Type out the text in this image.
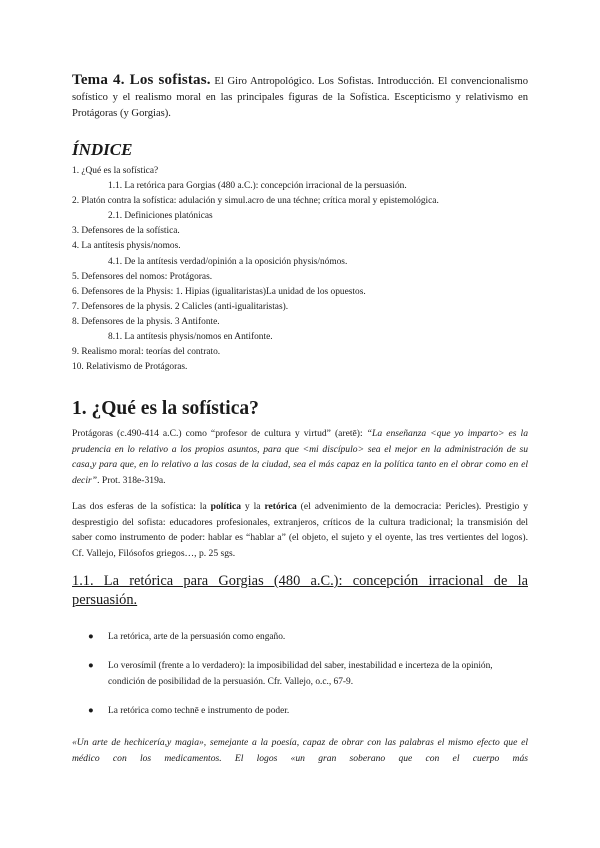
Tema 4. Los sofistas. El Giro Antropológico. Los Sofistas. Introducción. El convencionalismo sofístico y el realismo moral en las principales figuras de la Sofística. Escepticismo y relativismo en Protágoras (y Gorgias).
ÍNDICE
1. ¿Qué es la sofística?
1.1. La retórica para Gorgias (480 a.C.): concepción irracional de la persuasión.
2. Platón contra la sofística: adulación y simul.acro de una téchne; crítica moral y epistemológica.
2.1. Definiciones platónicas
3. Defensores de la sofística.
4. La antítesis physis/nomos.
4.1. De la antítesis verdad/opinión a la oposición physis/nómos.
5. Defensores del nomos: Protágoras.
6. Defensores de la Physis: 1. Hipias (igualitaristas)La unidad de los opuestos.
7. Defensores de la physis. 2 Calicles (anti-igualitaristas).
8. Defensores de la physis. 3 Antifonte.
8.1. La antítesis physis/nomos en Antifonte.
9. Realismo moral: teorías del contrato.
10. Relativismo de Protágoras.
1. ¿Qué es la sofística?

Protágoras (c.490-414 a.C.) como “profesor de cultura y virtud” (aretē): “La enseñanza <que yo imparto> es la prudencia en lo relativo a los propios asuntos, para que <mi discípulo> sea el mejor en la administración de su casa,y para que, en lo relativo a las cosas de la ciudad, sea el más capaz en la política tanto en el obrar como en el decir”. Prot. 318e-319a.

Las dos esferas de la sofística: la política y la retórica (el advenimiento de la democracia: Pericles). Prestigio y desprestigio del sofista: educadores profesionales, extranjeros, críticos de la cultura tradicional; la transmisión del saber como instrumento de poder: hablar es “hablar a” (el objeto, el sujeto y el oyente, las tres vertientes del logos). Cf. Vallejo, Filósofos griegos…, p. 25 sgs.

1.1. La retórica para Gorgias (480 a.C.): concepción irracional de la persuasión.
● La retórica, arte de la persuasión como engaño.
● Lo verosímil (frente a lo verdadero): la imposibilidad del saber, inestabilidad e incerteza de la opinión, condición de posibilidad de la persuasión. Cfr. Vallejo, o.c., 67-9.
● La retórica como technē e instrumento de poder.

«Un arte de hechicería,y magia», semejante a la poesía, capaz de obrar con las palabras el mismo efecto que el médico con los medicamentos. El logos «un gran soberano que con el cuerpo más
